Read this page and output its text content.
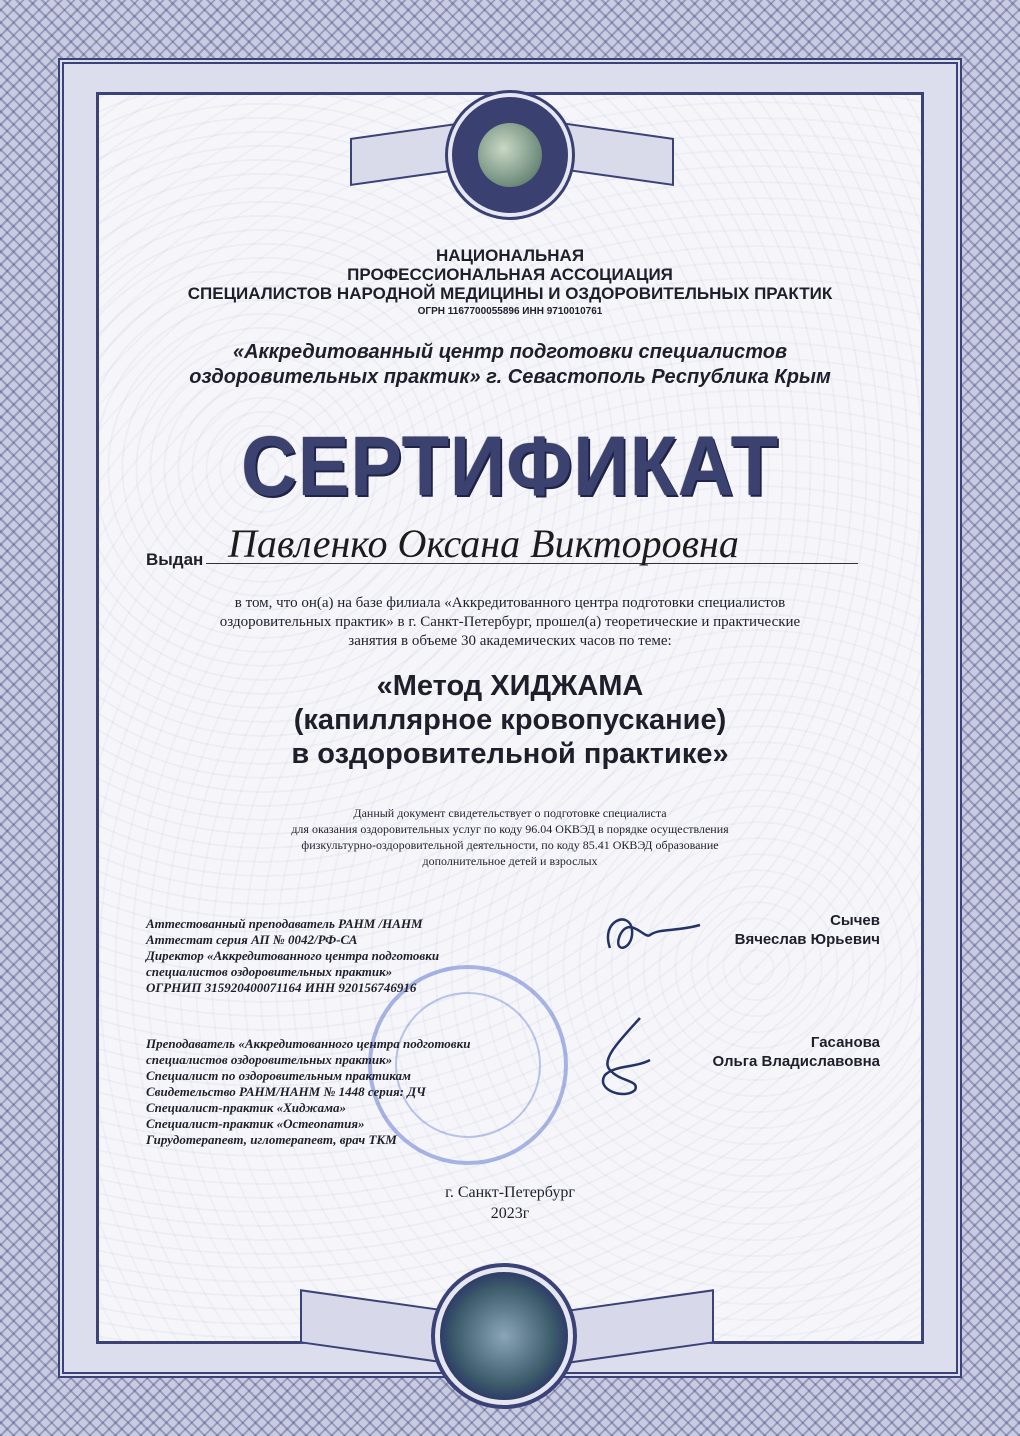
НАЦИОНАЛЬНАЯ
ПРОФЕССИОНАЛЬНАЯ АССОЦИАЦИЯ
СПЕЦИАЛИСТОВ НАРОДНОЙ МЕДИЦИНЫ И ОЗДОРОВИТЕЛЬНЫХ ПРАКТИК
ОГРН 1167700055896 ИНН 9710010761
«Аккредитованный центр подготовки специалистов
оздоровительных практик» г. Севастополь Республика Крым
СЕРТИФИКАТ
Выдан Павленко Оксана Викторовна
в том, что он(а) на базе филиала «Аккредитованного центра подготовки специалистов
оздоровительных практик» в г. Санкт-Петербург, прошел(а) теоретические и практические
занятия в объеме 30 академических часов по теме:
«Метод ХИДЖАМА
(капиллярное кровопускание)
в оздоровительной практике»
Данный документ свидетельствует о подготовке специалиста
для оказания оздоровительных услуг по коду 96.04 ОКВЭД в порядке осуществления
физкультурно-оздоровительной деятельности, по коду 85.41 ОКВЭД образование
дополнительное детей и взрослых
Аттестованный преподаватель РАНМ /НАНМ
Аттестат серия АП № 0042/РФ-СА
Директор «Аккредитованного центра подготовки
специалистов оздоровительных практик»
ОГРНИП 315920400071164 ИНН 920156746916
Сычев
Вячеслав Юрьевич
Преподаватель «Аккредитованного центра подготовки
специалистов оздоровительных практик»
Специалист по оздоровительным практикам
Свидетельство РАНМ/НАНМ № 1448 серия: ДЧ
Специалист-практик «Хиджама»
Специалист-практик «Остеопатия»
Гирудотерапевт, иглотерапевт, врач ТКМ
Гасанова
Ольга Владиславовна
г. Санкт-Петербург
2023г
